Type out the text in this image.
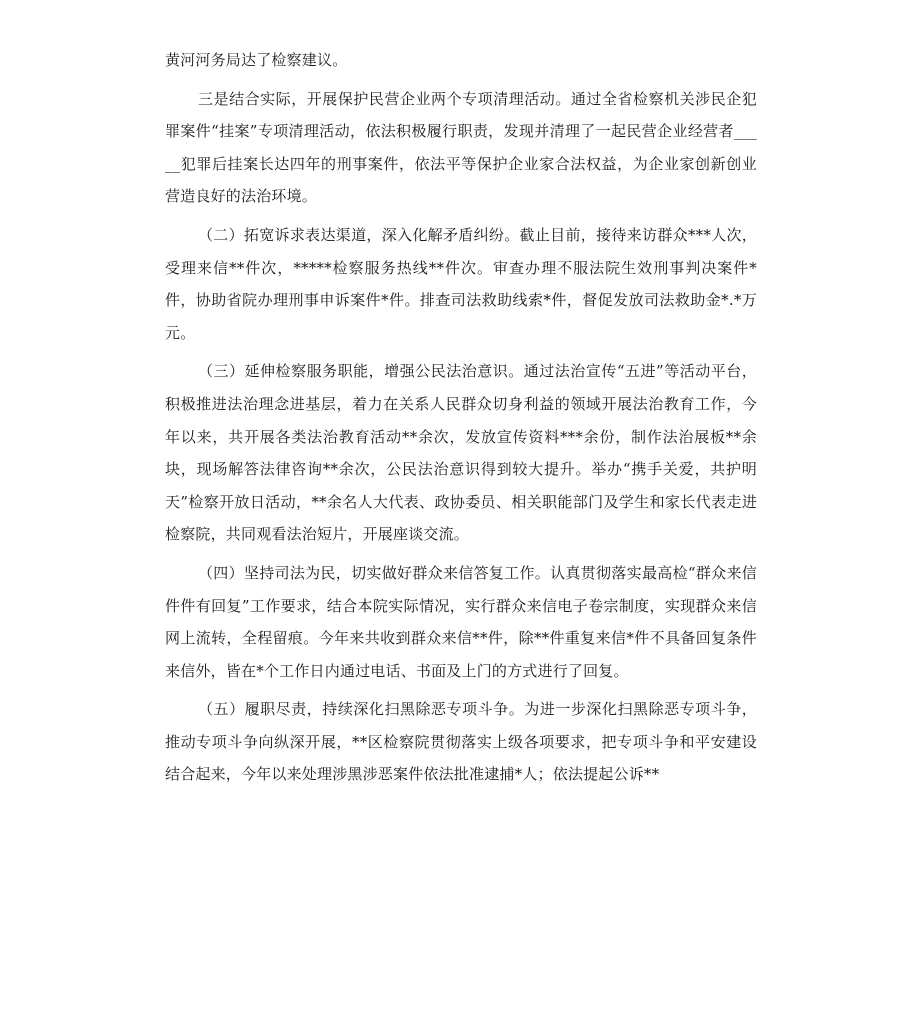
黄河河务局达了检察建议。

三是结合实际，开展保护民营企业两个专项清理活动。通过全省检察机关涉民企犯罪案件“挂案”专项清理活动，依法积极履行职责，发现并清理了一起民营企业经营者_____犯罪后挂案长达四年的刑事案件，依法平等保护企业家合法权益，为企业家创新创业营造良好的法治环境。

（二）拓宽诉求表达渠道，深入化解矛盾纠纷。截止目前，接待来访群众***人次，受理来信**件次，*****检察服务热线**件次。审查办理不服法院生效刑事判决案件*件，协助省院办理刑事申诉案件*件。排查司法救助线索*件，督促发放司法救助金*.*万元。

（三）延伸检察服务职能，增强公民法治意识。通过法治宣传“五进”等活动平台，积极推进法治理念进基层，着力在关系人民群众切身利益的领域开展法治教育工作，今年以来，共开展各类法治教育活动**余次，发放宣传资料***余份，制作法治展板**余块，现场解答法律咨询**余次，公民法治意识得到较大提升。举办“携手关爱，共护明天”检察开放日活动，**余名人大代表、政协委员、相关职能部门及学生和家长代表走进检察院，共同观看法治短片，开展座谈交流。

（四）坚持司法为民，切实做好群众来信答复工作。认真贯彻落实最高检“群众来信件件有回复”工作要求，结合本院实际情况，实行群众来信电子卷宗制度，实现群众来信网上流转，全程留痕。今年来共收到群众来信**件，除**件重复来信*件不具备回复条件来信外，皆在*个工作日内通过电话、书面及上门的方式进行了回复。

（五）履职尽责，持续深化扫黑除恶专项斗争。为进一步深化扫黑除恶专项斗争，推动专项斗争向纵深开展，**区检察院贯彻落实上级各项要求，把专项斗争和平安建设结合起来，今年以来处理涉黑涉恶案件依法批准逮捕*人；依法提起公诉**
